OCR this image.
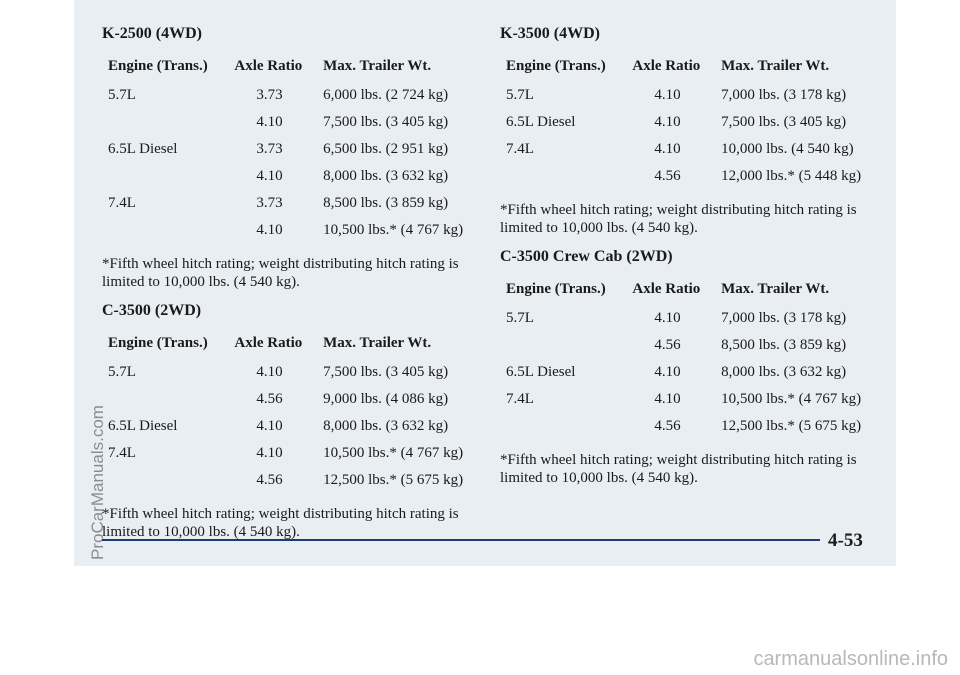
K-2500 (4WD)
Engine (Trans.)	Axle Ratio	Max. Trailer Wt.
5.7L	3.73	6,000 lbs. (2 724 kg)
	4.10	7,500 lbs. (3 405 kg)
6.5L Diesel	3.73	6,500 lbs. (2 951 kg)
	4.10	8,000 lbs. (3 632 kg)
7.4L	3.73	8,500 lbs. (3 859 kg)
	4.10	10,500 lbs.* (4 767 kg)
*Fifth wheel hitch rating; weight distributing hitch rating is limited to 10,000 lbs. (4 540 kg).
C-3500 (2WD)
Engine (Trans.)	Axle Ratio	Max. Trailer Wt.
5.7L	4.10	7,500 lbs. (3 405 kg)
	4.56	9,000 lbs. (4 086 kg)
6.5L Diesel	4.10	8,000 lbs. (3 632 kg)
7.4L	4.10	10,500 lbs.* (4 767 kg)
	4.56	12,500 lbs.* (5 675 kg)
*Fifth wheel hitch rating; weight distributing hitch rating is limited to 10,000 lbs. (4 540 kg).
K-3500 (4WD)
Engine (Trans.)	Axle Ratio	Max. Trailer Wt.
5.7L	4.10	7,000 lbs. (3 178 kg)
6.5L Diesel	4.10	7,500 lbs. (3 405 kg)
7.4L	4.10	10,000 lbs. (4 540 kg)
	4.56	12,000 lbs.* (5 448 kg)
*Fifth wheel hitch rating; weight distributing hitch rating is limited to 10,000 lbs. (4 540 kg).
C-3500 Crew Cab (2WD)
Engine (Trans.)	Axle Ratio	Max. Trailer Wt.
5.7L	4.10	7,000 lbs. (3 178 kg)
	4.56	8,500 lbs. (3 859 kg)
6.5L Diesel	4.10	8,000 lbs. (3 632 kg)
7.4L	4.10	10,500 lbs.* (4 767 kg)
	4.56	12,500 lbs.* (5 675 kg)
*Fifth wheel hitch rating; weight distributing hitch rating is limited to 10,000 lbs. (4 540 kg).
4-53
carmanualsonline.info
